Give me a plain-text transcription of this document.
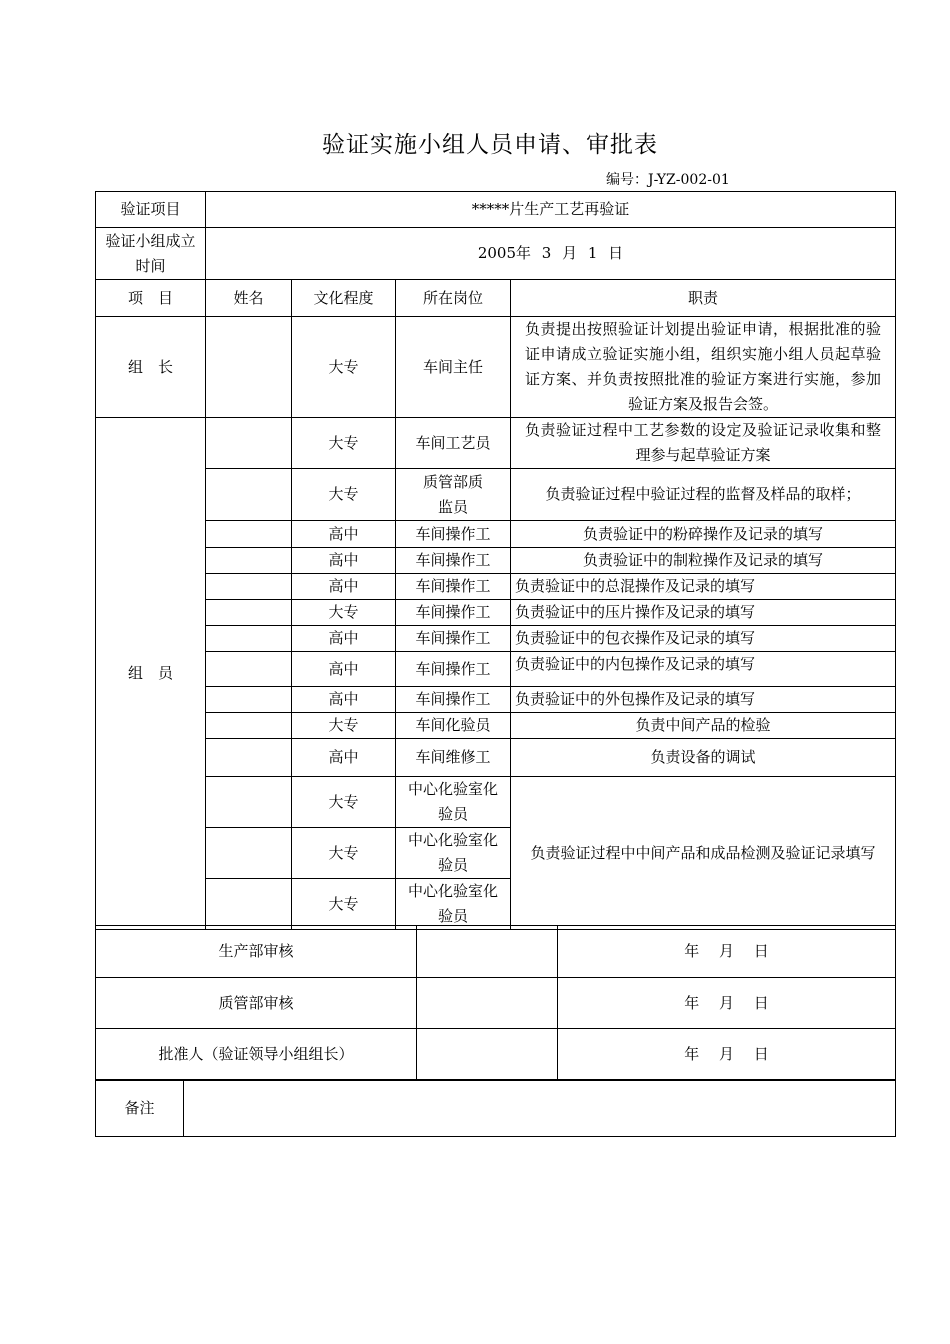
验证实施小组人员申请、审批表
编号：J-YZ-002-01
验证项目	*****片生产工艺再验证			
验证小组成立时间	2005年 3 月 1 日			
项　目	姓名	文化程度	所在岗位	职责
组　长		大专	车间主任	负责提出按照验证计划提出验证申请，根据批准的验证申请成立验证实施小组，组织实施小组人员起草验证方案、并负责按照批准的验证方案进行实施，参加验证方案及报告会签。
组　员		大专	车间工艺员	负责验证过程中工艺参数的设定及验证记录收集和整理参与起草验证方案
		大专	质管部质监员	负责验证过程中验证过程的监督及样品的取样；
		高中	车间操作工	负责验证中的粉碎操作及记录的填写
		高中	车间操作工	负责验证中的制粒操作及记录的填写
		高中	车间操作工	负责验证中的总混操作及记录的填写
		大专	车间操作工	负责验证中的压片操作及记录的填写
		高中	车间操作工	负责验证中的包衣操作及记录的填写
		高中	车间操作工	负责验证中的内包操作及记录的填写
		高中	车间操作工	负责验证中的外包操作及记录的填写
		大专	车间化验员	负责中间产品的检验
		高中	车间维修工	负责设备的调试
		大专	中心化验室化验员	负责验证过程中中间产品和成品检测及验证记录填写
		大专	中心化验室化验员	
		大专	中心化验室化验员	
生产部审核		年　 月　 日
质管部审核		年　 月　 日
批准人（验证领导小组组长）		年　 月　 日
备注	
